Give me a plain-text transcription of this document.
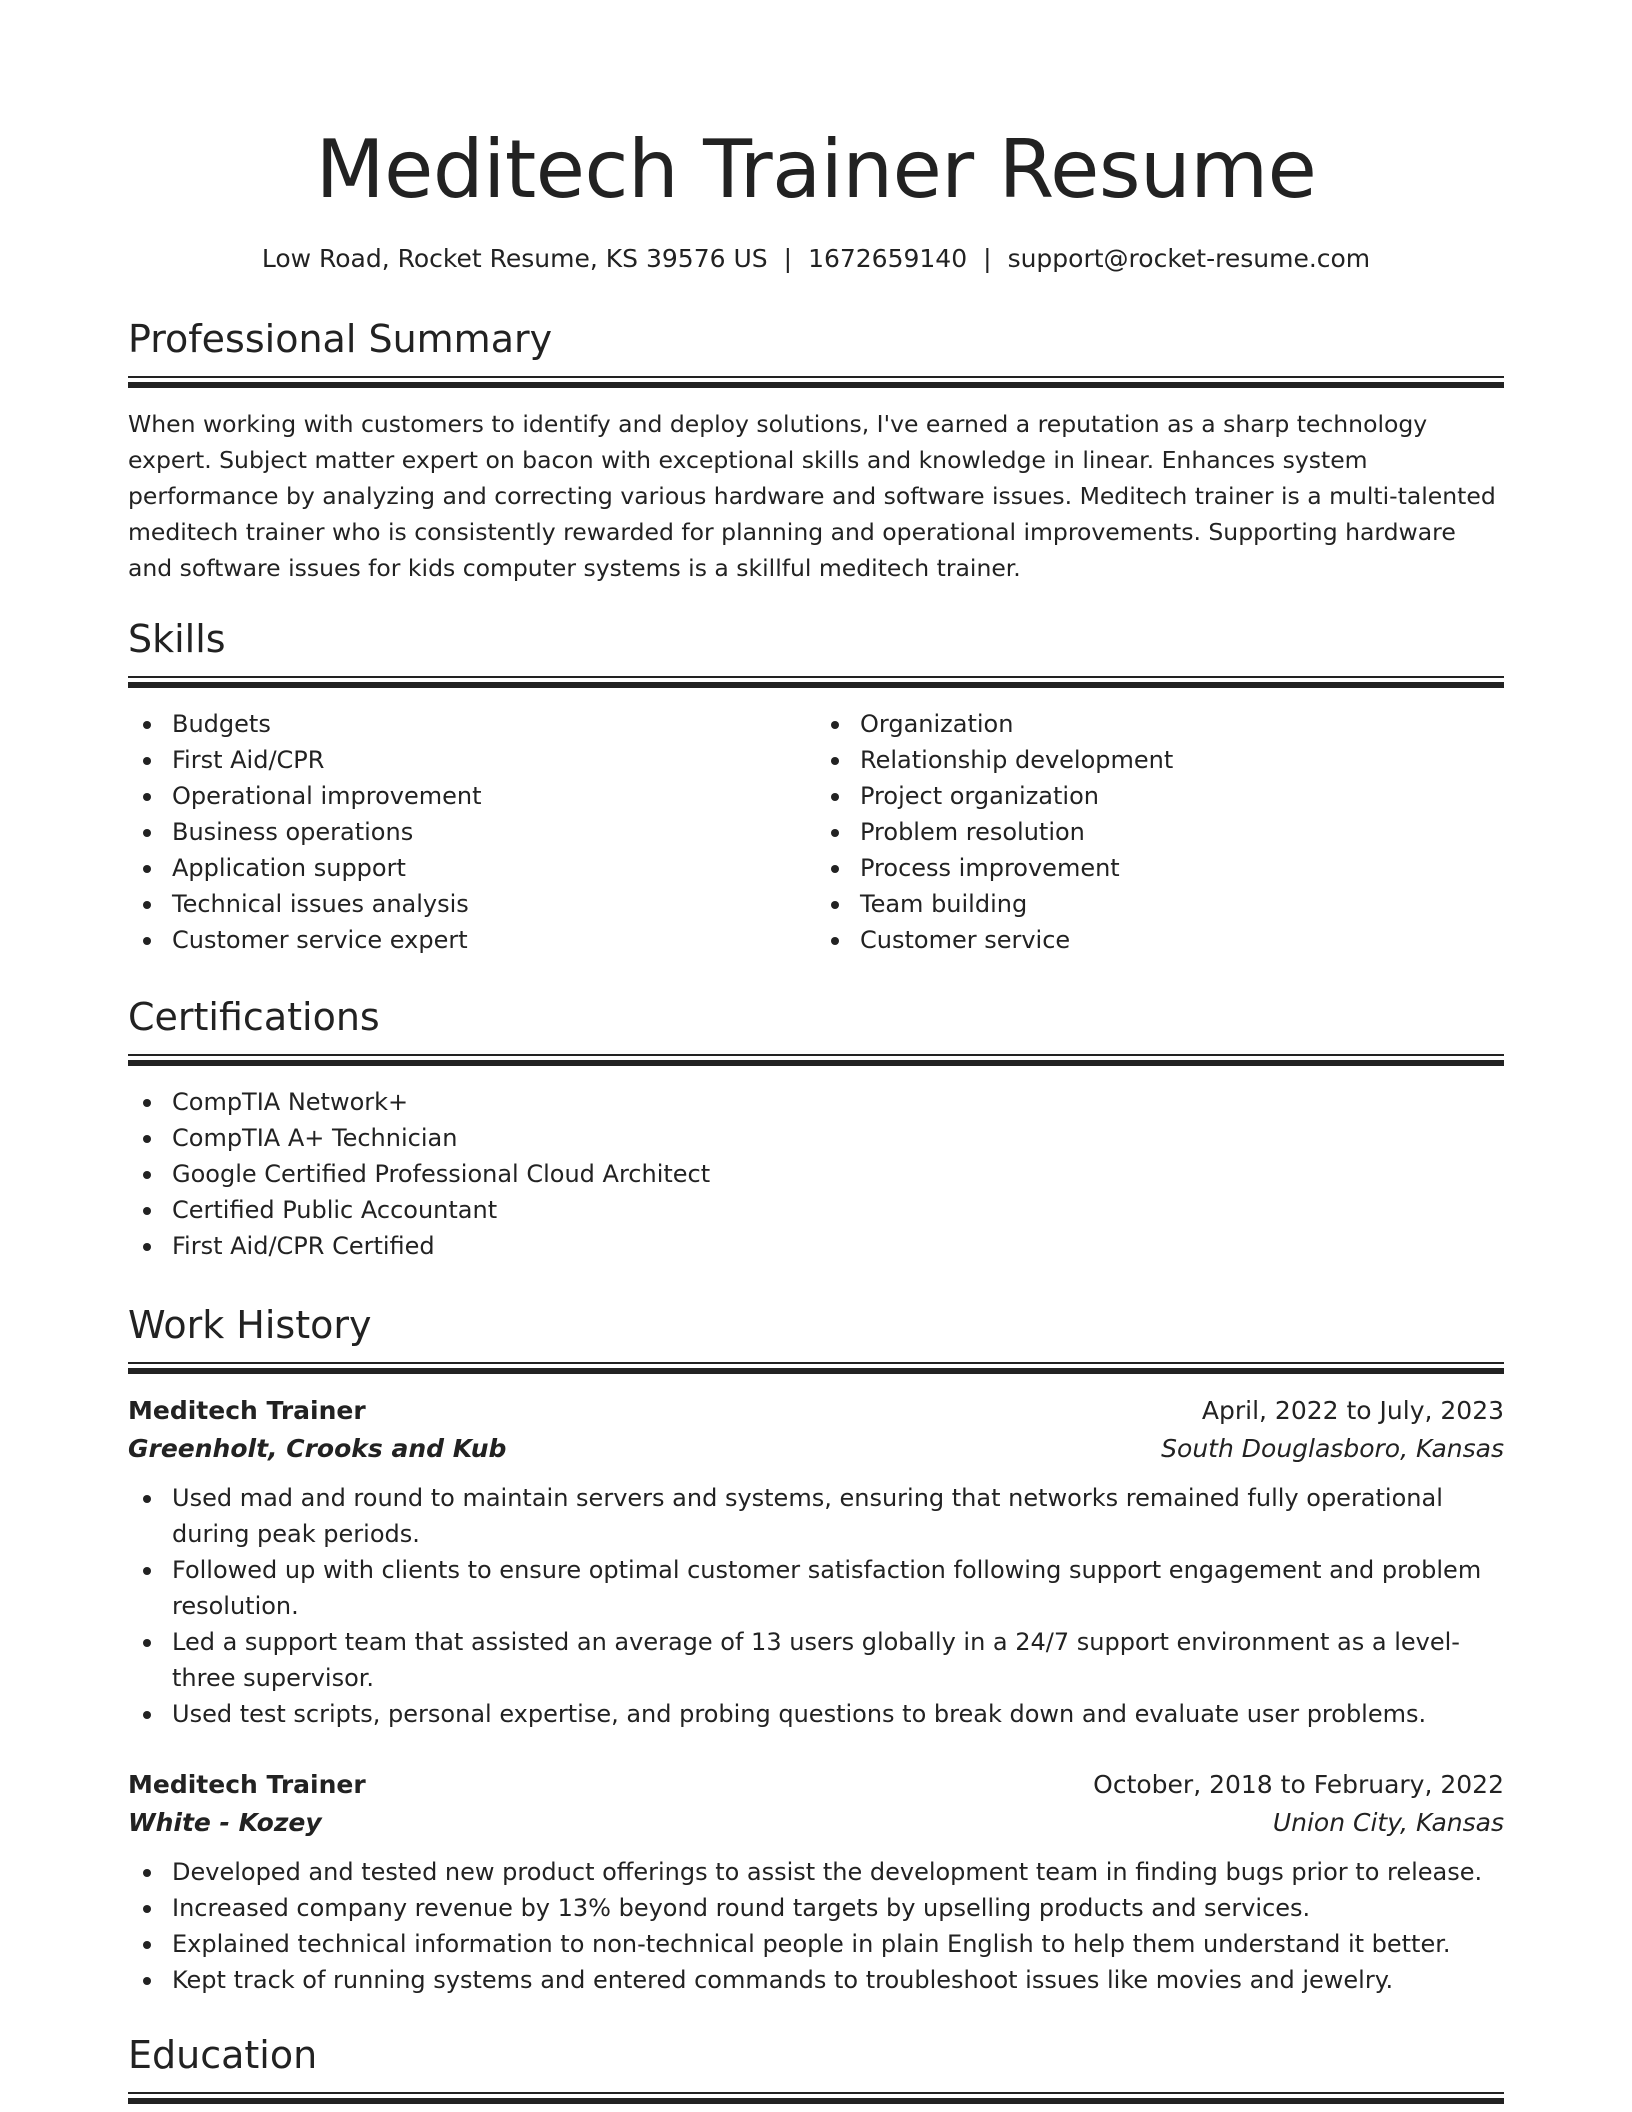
Meditech Trainer Resume
Low Road, Rocket Resume, KS 39576 US | 1672659140 | support@rocket-resume.com
Professional Summary

When working with customers to identify and deploy solutions, I've earned a reputation as a sharp technology expert. Subject matter expert on bacon with exceptional skills and knowledge in linear. Enhances system performance by analyzing and correcting various hardware and software issues. Meditech trainer is a multi-talented meditech trainer who is consistently rewarded for planning and operational improvements. Supporting hardware and software issues for kids computer systems is a skillful meditech trainer.

Skills
Budgets
First Aid/CPR
Operational improvement
Business operations
Application support
Technical issues analysis
Customer service expert
Organization
Relationship development
Project organization
Problem resolution
Process improvement
Team building
Customer service
Certifications
CompTIA Network+
CompTIA A+ Technician
Google Certified Professional Cloud Architect
Certified Public Accountant
First Aid/CPR Certified
Work History
Meditech Trainer	April, 2022 to July, 2023
Greenholt, Crooks and Kub	South Douglasboro, Kansas
Used mad and round to maintain servers and systems, ensuring that networks remained fully operational during peak periods.
Followed up with clients to ensure optimal customer satisfaction following support engagement and problem resolution.
Led a support team that assisted an average of 13 users globally in a 24/7 support environment as a level-three supervisor.
Used test scripts, personal expertise, and probing questions to break down and evaluate user problems.
Meditech Trainer	October, 2018 to February, 2022
White - Kozey	Union City, Kansas
Developed and tested new product offerings to assist the development team in finding bugs prior to release.
Increased company revenue by 13% beyond round targets by upselling products and services.
Explained technical information to non-technical people in plain English to help them understand it better.
Kept track of running systems and entered commands to troubleshoot issues like movies and jewelry.
Education
